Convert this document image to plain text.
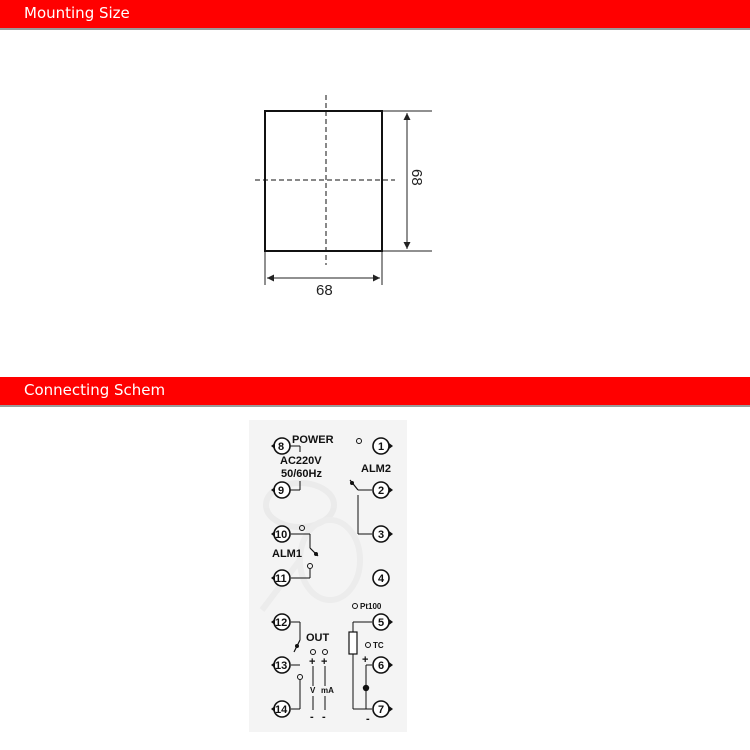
Mounting Size
Connecting Schem
68
68
8
9
10
11
12
13
14
1
2
3
4
5
6
7
POWER
AC220V
50/60Hz	ALM2
ALM1
OUT
+ +
V mA
- -
Pt100
TC
+
-
